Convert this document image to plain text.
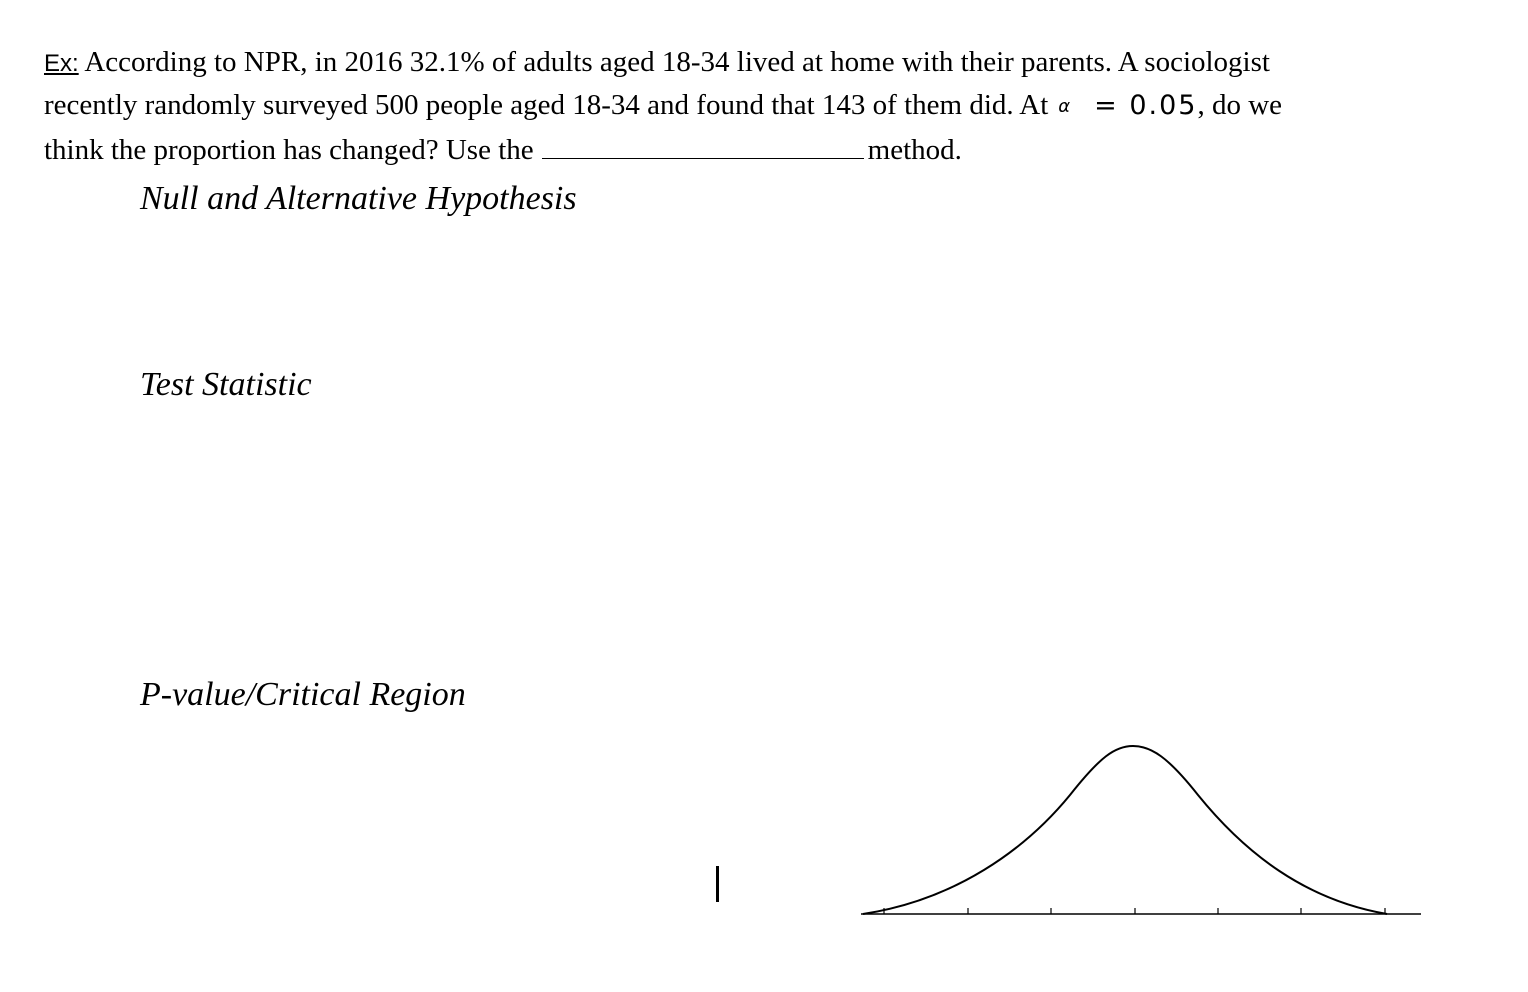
Ex: According to NPR, in 2016 32.1% of adults aged 18-34 lived at home with their parents. A sociologist
recently randomly surveyed 500 people aged 18-34 and found that 143 of them did. At α = 0.05, do we
think the proportion has changed? Use the	method.
Null and Alternative Hypothesis
Test Statistic
P-value/Critical Region
